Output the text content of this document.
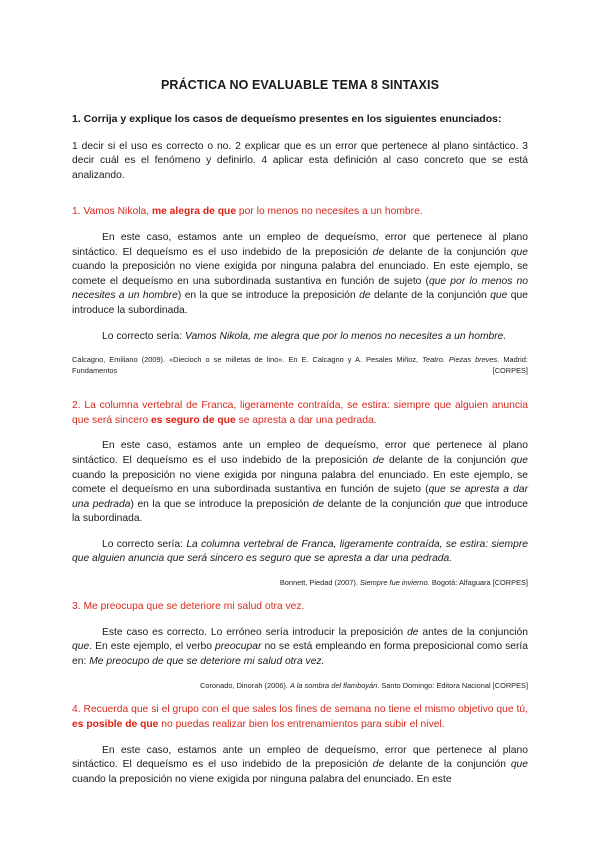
PRÁCTICA NO EVALUABLE TEMA 8 SINTAXIS

1. Corrija y explique los casos de dequeísmo presentes en los siguientes enunciados:

1 decir si el uso es correcto o no. 2 explicar que es un error que pertenece al plano sintáctico. 3 decir cuál es el fenómeno y definirlo. 4 aplicar esta definición al caso concreto que se está analizando.

1. Vamos Nikola, me alegra de que por lo menos no necesites a un hombre.

En este caso, estamos ante un empleo de dequeísmo, error que pertenece al plano sintáctico. El dequeísmo es el uso indebido de la preposición de delante de la conjunción que cuando la preposición no viene exigida por ninguna palabra del enunciado. En este ejemplo, se comete el dequeísmo en una subordinada sustantiva en función de sujeto (que por lo menos no necesites a un hombre) en la que se introduce la preposición de delante de la conjunción que que introduce la subordinada.

Lo correcto sería: Vamos Nikola, me alegra que por lo menos no necesites a un hombre.

Calcagno, Emiliano (2009). «Diecioch o se milletas de lino». En E. Calcagno y A. Pesales Miñoz, Teatro. Piezas breves. Madrid: Fundamentos [CORPES]

2. La columna vertebral de Franca, ligeramente contraída, se estira: siempre que alguien anuncia que será sincero es seguro de que se apresta a dar una pedrada.

En este caso, estamos ante un empleo de dequeísmo, error que pertenece al plano sintáctico. El dequeísmo es el uso indebido de la preposición de delante de la conjunción que cuando la preposición no viene exigida por ninguna palabra del enunciado. En este ejemplo, se comete el dequeísmo en una subordinada sustantiva en función de sujeto (que se apresta a dar una pedrada) en la que se introduce la preposición de delante de la conjunción que que introduce la subordinada.

Lo correcto sería: La columna vertebral de Franca, ligeramente contraída, se estira: siempre que alguien anuncia que será sincero es seguro que se apresta a dar una pedrada.

Bonnett, Piedad (2007). Siempre fue invierno. Bogotá: Alfaguara [CORPES]

3. Me preocupa que se deteriore mi salud otra vez.

Este caso es correcto. Lo erróneo sería introducir la preposición de antes de la conjunción que. En este ejemplo, el verbo preocupar no se está empleando en forma preposicional como sería en: Me preocupo de que se deteriore mi salud otra vez.

Coronado, Dinorah (2006). A la sombra del flamboyán. Santo Domingo: Editora Nacional [CORPES]

4. Recuerda que si el grupo con el que sales los fines de semana no tiene el mismo objetivo que tú, es posible de que no puedas realizar bien los entrenamientos para subir el nivel.

En este caso, estamos ante un empleo de dequeísmo, error que pertenece al plano sintáctico. El dequeísmo es el uso indebido de la preposición de delante de la conjunción que cuando la preposición no viene exigida por ninguna palabra del enunciado. En este
